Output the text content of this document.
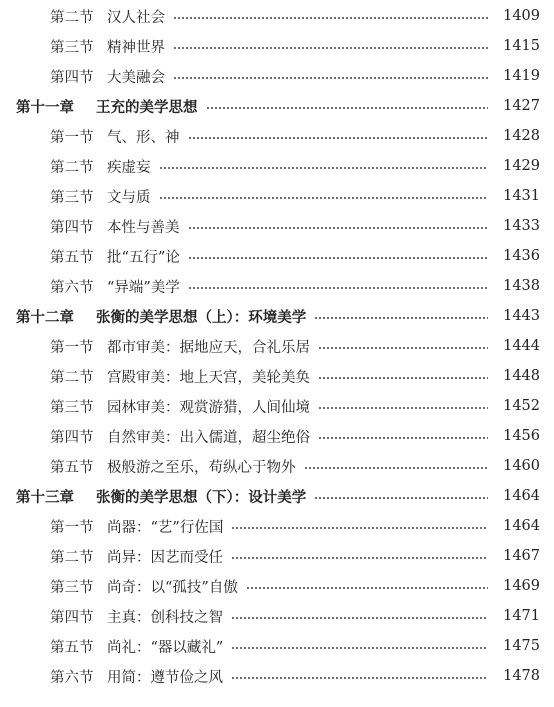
第二节 汉人社会	1409
第三节 精神世界	1415
第四节 大美融会	1419
第十一章	王充的美学思想	1427
第一节 气、形、神	1428
第二节 疾虚妄	1429
第三节 文与质	1431
第四节 本性与善美	1433
第五节 批“五行”论	1436
第六节 “异端”美学	1438
第十二章	张衡的美学思想（上）：环境美学	1443
第一节 都市审美：据地应天，合礼乐居	1444
第二节 宫殿审美：地上天宫，美轮美奂	1448
第三节 园林审美：观赏游猎，人间仙境	1452
第四节 自然审美：出入儒道，超尘绝俗	1456
第五节 极般游之至乐，苟纵心于物外	1460
第十三章	张衡的美学思想（下）：设计美学	1464
第一节 尚器：“艺”行佐国	1464
第二节 尚异：因艺而受任	1467
第三节 尚奇：以“孤技”自傲	1469
第四节 主真：创科技之智	1471
第五节 尚礼：“器以藏礼”	1475
第六节 用简：遵节俭之风	1478
